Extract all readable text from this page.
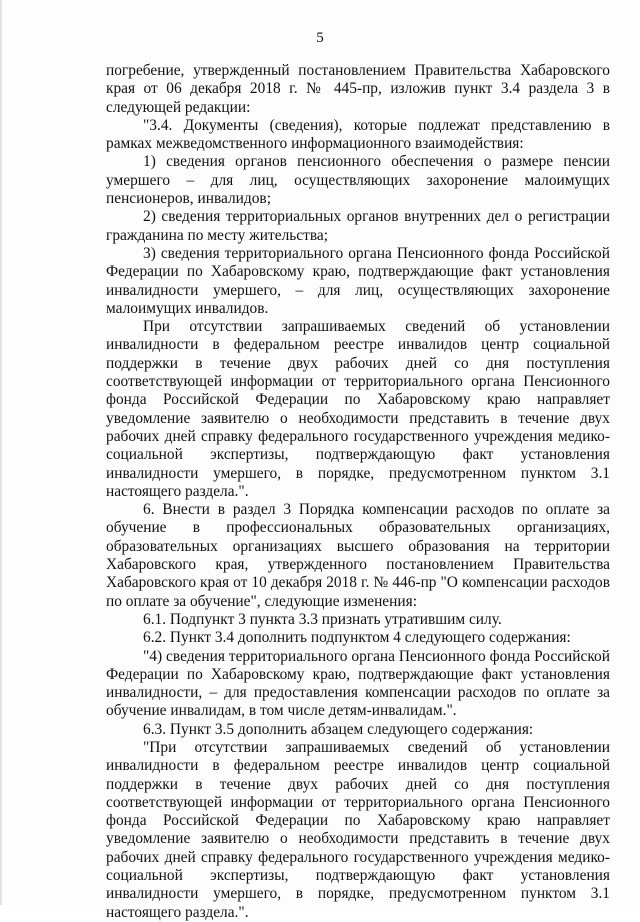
5

погребение, утвержденный постановлением Правительства Хабаровского края от 06 декабря 2018 г. № 445-пр, изложив пункт 3.4 раздела 3 в следующей редакции:

"3.4. Документы (сведения), которые подлежат представлению в рамках межведомственного информационного взаимодействия:

1) сведения органов пенсионного обеспечения о размере пенсии умершего – для лиц, осуществляющих захоронение малоимущих пенсионеров, инвалидов;

2) сведения территориальных органов внутренних дел о регистрации гражданина по месту жительства;

3) сведения территориального органа Пенсионного фонда Российской Федерации по Хабаровскому краю, подтверждающие факт установления инвалидности умершего, – для лиц, осуществляющих захоронение малоимущих инвалидов.

При отсутствии запрашиваемых сведений об установлении инвалидности в федеральном реестре инвалидов центр социальной поддержки в течение двух рабочих дней со дня поступления соответствующей информации от территориального органа Пенсионного фонда Российской Федерации по Хабаровскому краю направляет уведомление заявителю о необходимости представить в течение двух рабочих дней справку федерального государственного учреждения медико-социальной экспертизы, подтверждающую факт установления инвалидности умершего, в порядке, предусмотренном пунктом 3.1 настоящего раздела.".

6. Внести в раздел 3 Порядка компенсации расходов по оплате за обучение в профессиональных образовательных организациях, образовательных организациях высшего образования на территории Хабаровского края, утвержденного постановлением Правительства Хабаровского края от 10 декабря 2018 г. № 446-пр "О компенсации расходов по оплате за обучение", следующие изменения:

6.1. Подпункт 3 пункта 3.3 признать утратившим силу.

6.2. Пункт 3.4 дополнить подпунктом 4 следующего содержания:

"4) сведения территориального органа Пенсионного фонда Российской Федерации по Хабаровскому краю, подтверждающие факт установления инвалидности, – для предоставления компенсации расходов по оплате за обучение инвалидам, в том числе детям-инвалидам.".

6.3. Пункт 3.5 дополнить абзацем следующего содержания:

"При отсутствии запрашиваемых сведений об установлении инвалидности в федеральном реестре инвалидов центр социальной поддержки в течение двух рабочих дней со дня поступления соответствующей информации от территориального органа Пенсионного фонда Российской Федерации по Хабаровскому краю направляет уведомление заявителю о необходимости представить в течение двух рабочих дней справку федерального государственного учреждения медико-социальной экспертизы, подтверждающую факт установления инвалидности умершего, в порядке, предусмотренном пунктом 3.1 настоящего раздела.".
